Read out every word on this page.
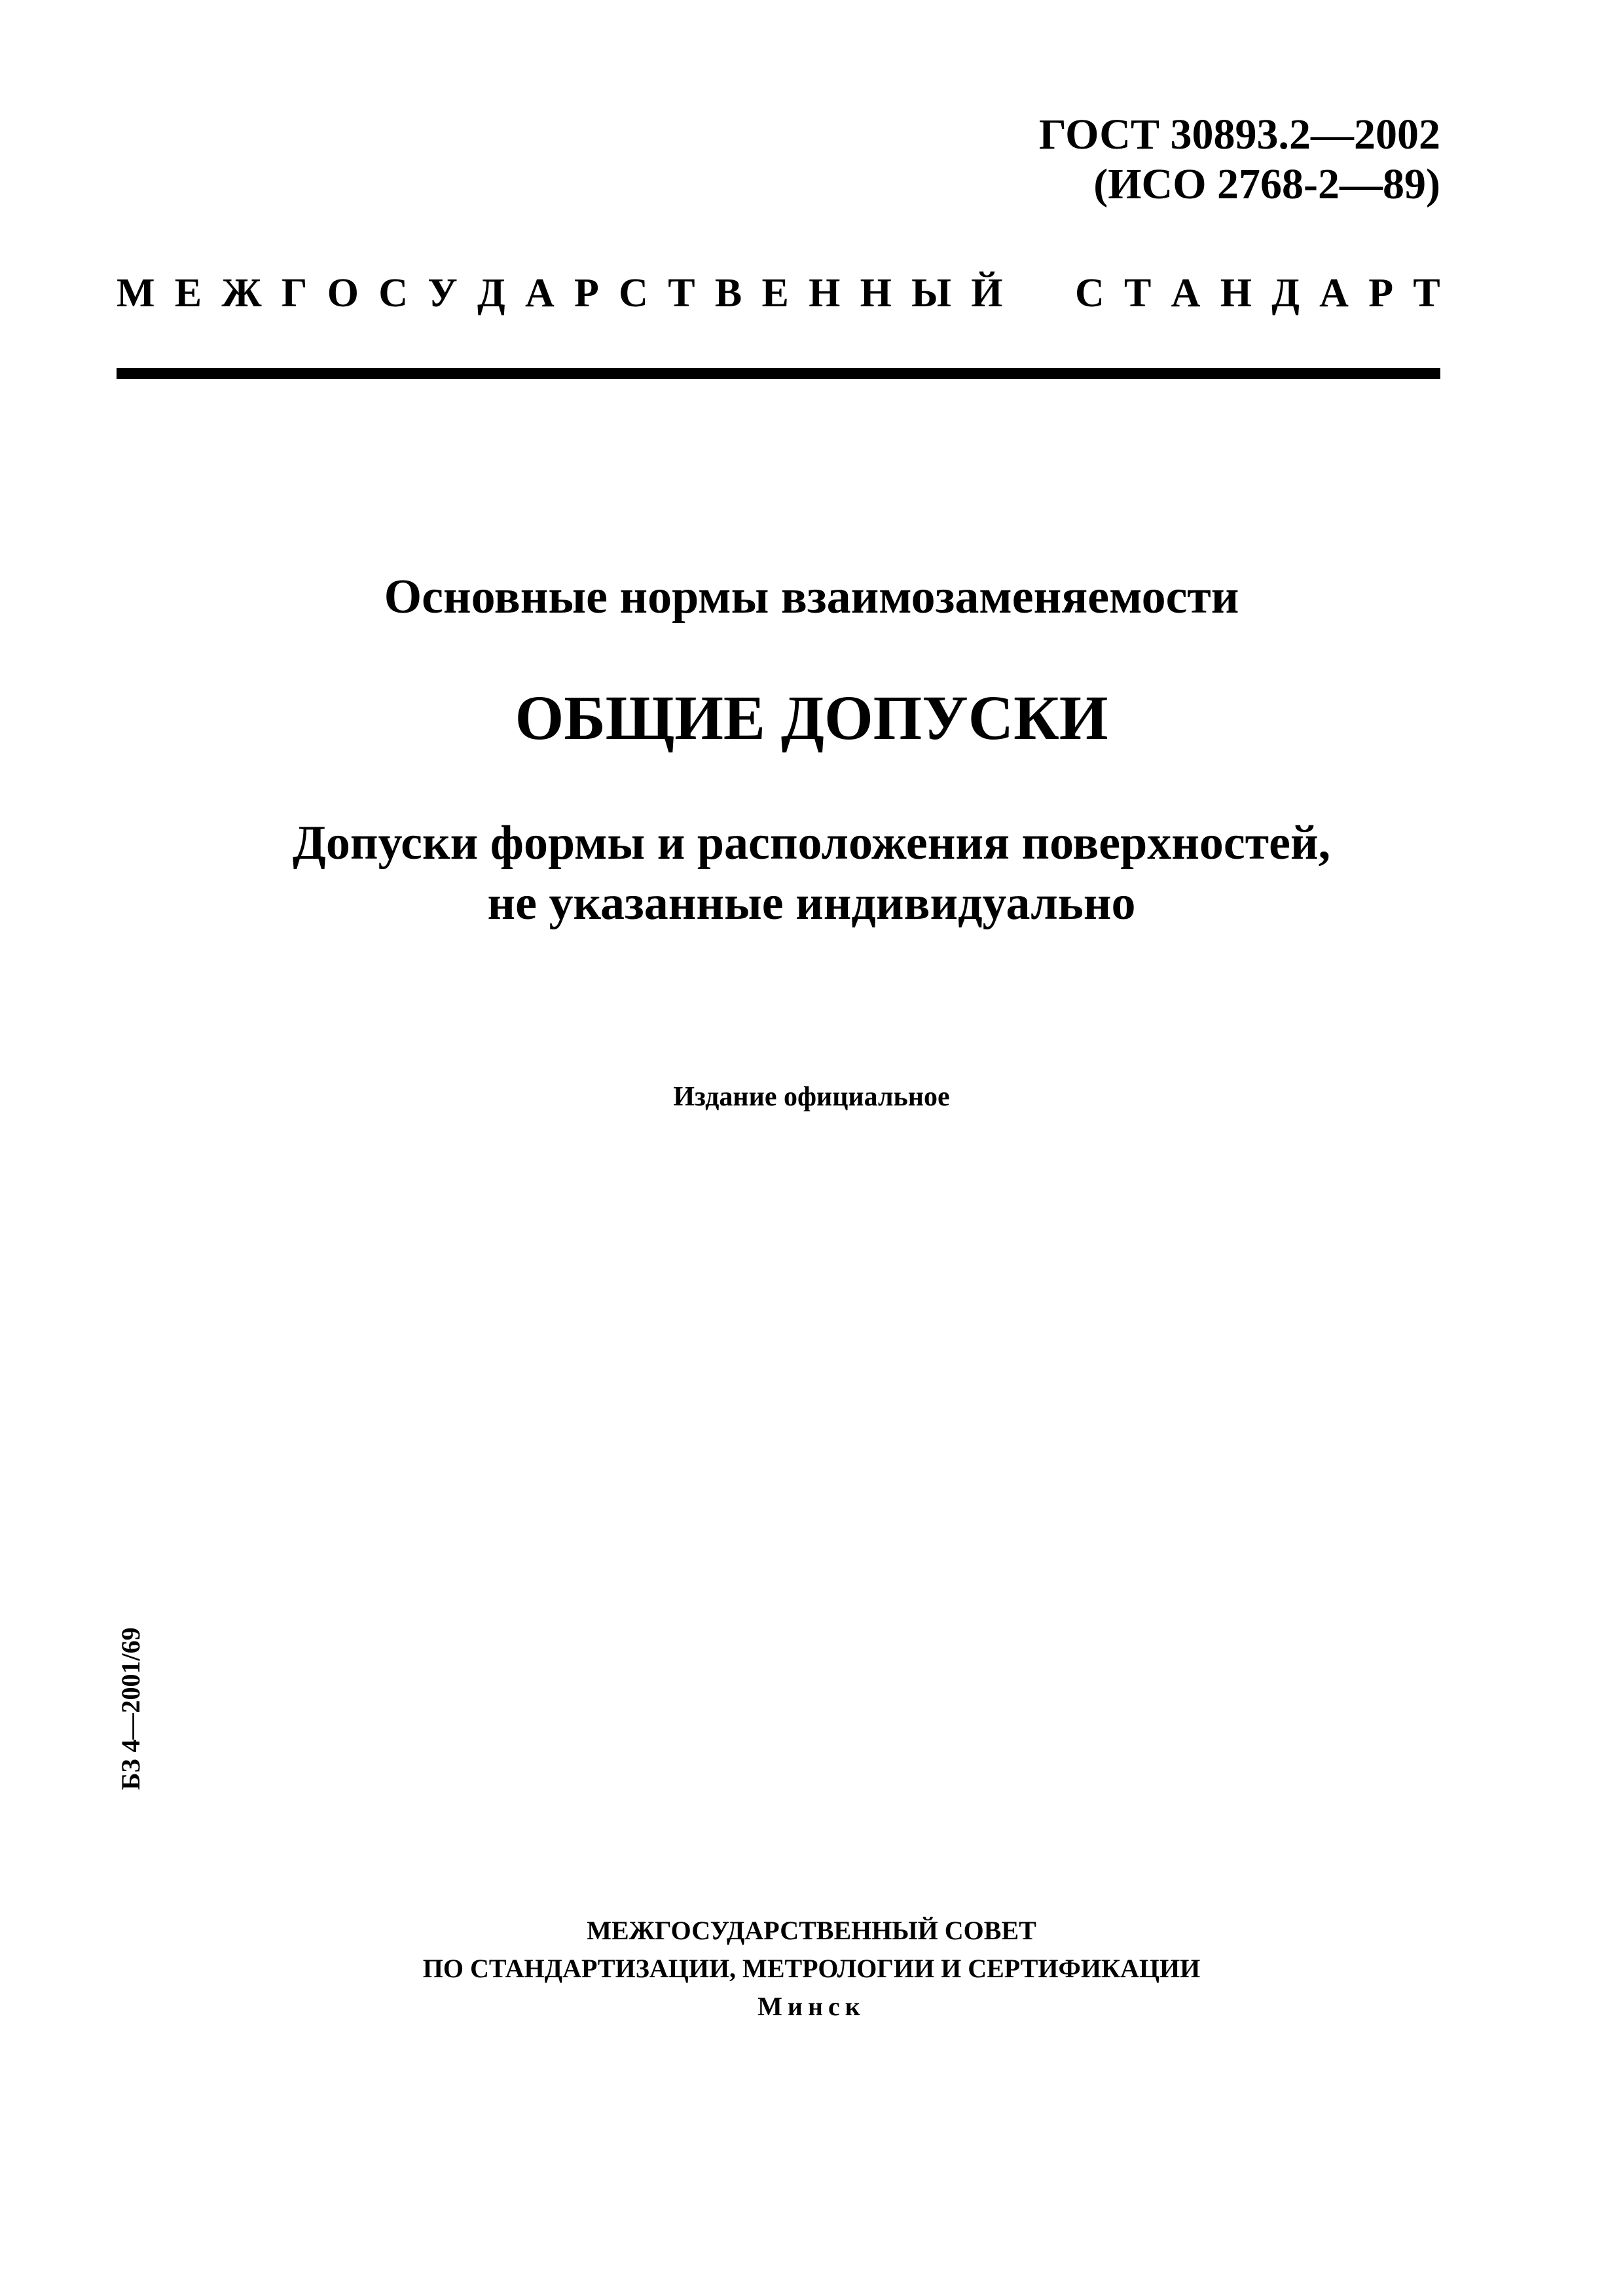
ГОСТ 30893.2—2002
(ИСО 2768-2—89)
М Е Ж Г О С У Д А Р С Т В Е Н Н Ы Й С Т А Н Д А Р Т
Основные нормы взаимозаменяемости
ОБЩИЕ ДОПУСКИ
Допуски формы и расположения поверхностей,
не указанные индивидуально
Издание официальное
БЗ 4—2001/69
МЕЖГОСУДАРСТВЕННЫЙ СОВЕТ
ПО СТАНДАРТИЗАЦИИ, МЕТРОЛОГИИ И СЕРТИФИКАЦИИ
Минск
